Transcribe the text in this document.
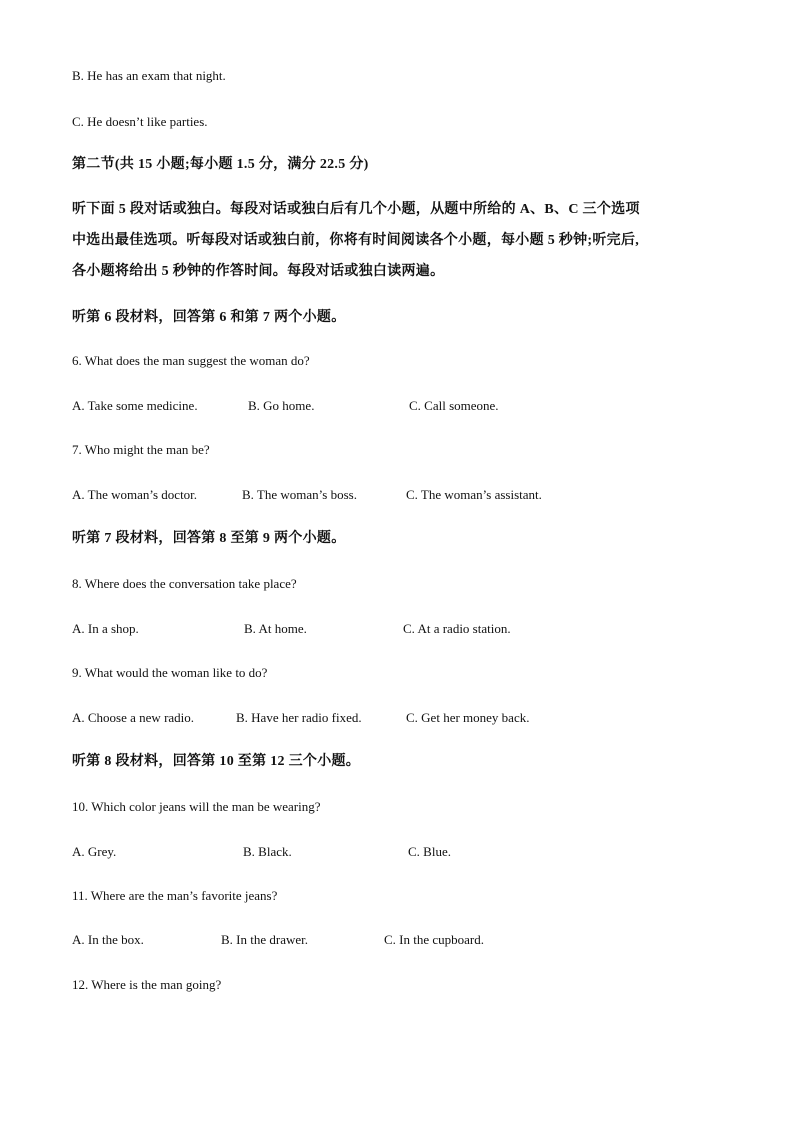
B. He has an exam that night.
C. He doesn’t like parties.
第二节(共 15 小题;每小题 1.5 分，满分 22.5 分)
听下面 5 段对话或独白。每段对话或独白后有几个小题，从题中所给的 A、B、C 三个选项
中选出最佳选项。听每段对话或独白前，你将有时间阅读各个小题，每小题 5 秒钟;听完后,
各小题将给出 5 秒钟的作答时间。每段对话或独白读两遍。
听第 6 段材料，回答第 6 和第 7 两个小题。
6. What does the man suggest the woman do?
A. Take some medicine.	B. Go home.	C. Call someone.
7. Who might the man be?
A. The woman’s doctor.	B. The woman’s boss.	C. The woman’s assistant.
听第 7 段材料，回答第 8 至第 9 两个小题。
8. Where does the conversation take place?
A. In a shop.	B. At home.	C. At a radio station.
9. What would the woman like to do?
A. Choose a new radio.	B. Have her radio fixed.	C. Get her money back.
听第 8 段材料，回答第 10 至第 12 三个小题。
10. Which color jeans will the man be wearing?
A. Grey.	B. Black.	C. Blue.
11. Where are the man’s favorite jeans?
A. In the box.	B. In the drawer.	C. In the cupboard.
12. Where is the man going?
